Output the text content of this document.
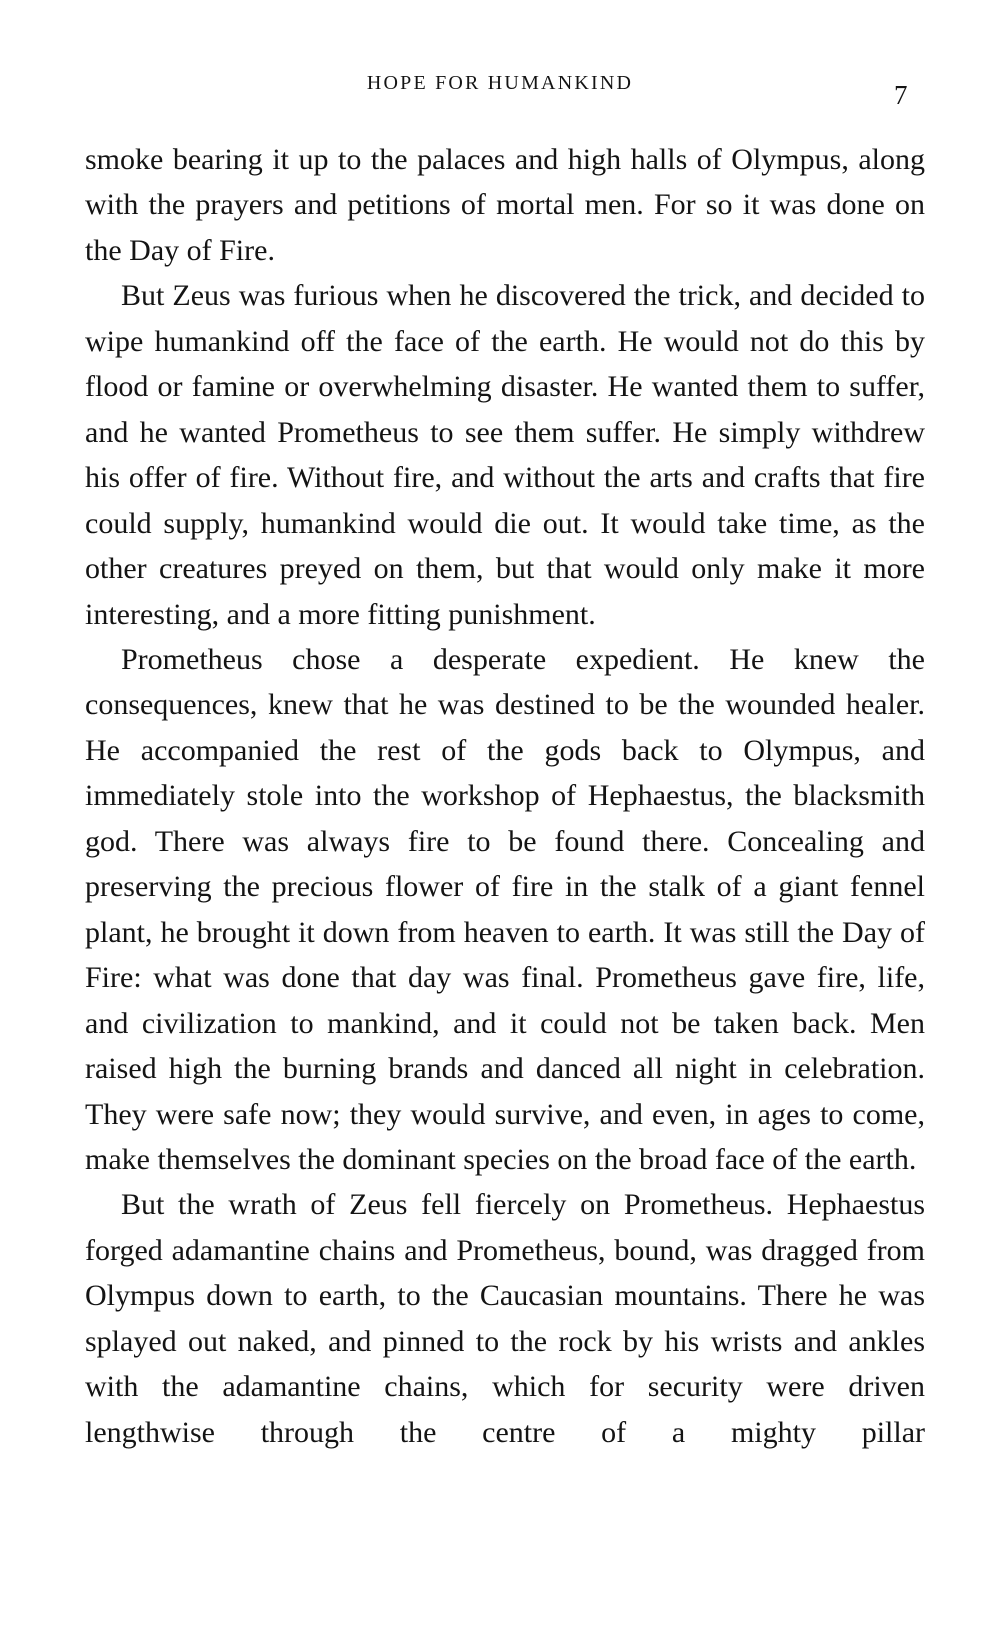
HOPE FOR HUMANKIND	7

smoke bearing it up to the palaces and high halls of Olympus, along with the prayers and petitions of mortal men. For so it was done on the Day of Fire.

But Zeus was furious when he discovered the trick, and decided to wipe humankind off the face of the earth. He would not do this by flood or famine or overwhelming disaster. He wanted them to suffer, and he wanted Prometheus to see them suffer. He simply withdrew his offer of fire. Without fire, and without the arts and crafts that fire could supply, humankind would die out. It would take time, as the other creatures preyed on them, but that would only make it more interesting, and a more fitting punishment.

Prometheus chose a desperate expedient. He knew the consequences, knew that he was destined to be the wounded healer. He accompanied the rest of the gods back to Olympus, and immediately stole into the workshop of Hephaestus, the blacksmith god. There was always fire to be found there. Concealing and preserving the precious flower of fire in the stalk of a giant fennel plant, he brought it down from heaven to earth. It was still the Day of Fire: what was done that day was final. Prometheus gave fire, life, and civilization to mankind, and it could not be taken back. Men raised high the burning brands and danced all night in celebration. They were safe now; they would survive, and even, in ages to come, make themselves the dominant species on the broad face of the earth.

But the wrath of Zeus fell fiercely on Prometheus. Hephaestus forged adamantine chains and Prometheus, bound, was dragged from Olympus down to earth, to the Caucasian mountains. There he was splayed out naked, and pinned to the rock by his wrists and ankles with the adamantine chains, which for security were driven lengthwise through the centre of a mighty pillar
